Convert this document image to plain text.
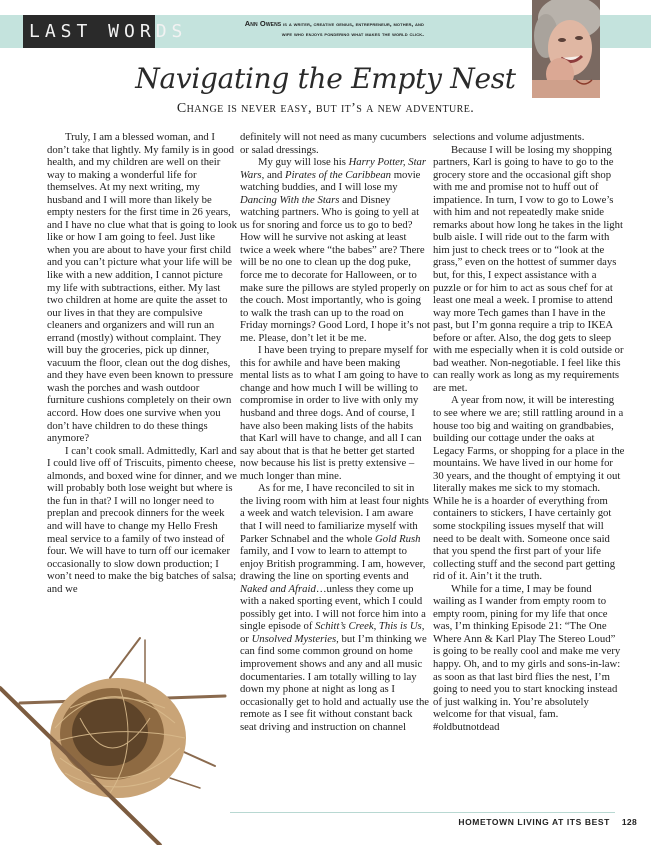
LAST WORDS	Ann Owens is a writer, creative genius, entrepreneur, mother, and
wife who enjoys pondering what makes the world click.
Navigating the Empty Nest
Change is never easy, but it’s a new adventure.

Truly, I am a blessed woman, and I don’t take that lightly. My family is in good health, and my children are well on their way to making a wonderful life for themselves. At my next writing, my husband and I will more than likely be empty nesters for the first time in 26 years, and I have no clue what that is going to look like or how I am going to feel. Just like when you are about to have your first child and you can’t picture what your life will be like with a new addition, I cannot picture my life with subtractions, either. My last two children at home are quite the asset to our lives in that they are compulsive cleaners and organizers and will run an errand (mostly) without complaint. They will buy the groceries, pick up dinner, vacuum the floor, clean out the dog dishes, and they have even been known to pressure wash the porches and wash outdoor furniture cushions completely on their own accord. How does one survive when you don’t have children to do these things anymore?

I can’t cook small. Admittedly, Karl and I could live off of Triscuits, pimento cheese, almonds, and boxed wine for dinner, and we will probably both lose weight but where is the fun in that? I will no longer need to preplan and precook dinners for the week and will have to change my Hello Fresh meal service to a family of two instead of four. We will have to turn off our icemaker occasionally to slow down production; I won’t need to make the big batches of salsa; and we

definitely will not need as many cucumbers or salad dressings.

My guy will lose his Harry Potter, Star Wars, and Pirates of the Caribbean movie watching buddies, and I will lose my Dancing With the Stars and Disney watching partners. Who is going to yell at us for snoring and force us to go to bed? How will he survive not asking at least twice a week where “the babes” are? There will be no one to clean up the dog puke, force me to decorate for Halloween, or to make sure the pillows are styled properly on the couch. Most importantly, who is going to walk the trash can up to the road on Friday mornings? Good Lord, I hope it’s not me. Please, don’t let it be me.

I have been trying to prepare myself for this for awhile and have been making mental lists as to what I am going to have to change and how much I will be willing to compromise in order to live with only my husband and three dogs. And of course, I have also been making lists of the habits that Karl will have to change, and all I can say about that is that he better get started now because his list is pretty extensive – much longer than mine.

As for me, I have reconciled to sit in the living room with him at least four nights a week and watch television. I am aware that I will need to familiarize myself with Parker Schnabel and the whole Gold Rush family, and I vow to learn to attempt to enjoy British programming. I am, however, drawing the line on sporting events and Naked and Afraid…unless they come up with a naked sporting event, which I could possibly get into. I will not force him into a single episode of Schitt’s Creek, This is Us, or Unsolved Mysteries, but I’m thinking we can find some common ground on home improvement shows and any and all music documentaries. I am totally willing to lay down my phone at night as long as I occasionally get to hold and actually use the remote as I see fit without constant back seat driving and instruction on channel

selections and volume adjustments.

Because I will be losing my shopping partners, Karl is going to have to go to the grocery store and the occasional gift shop with me and promise not to huff out of impatience. In turn, I vow to go to Lowe’s with him and not repeatedly make snide remarks about how long he takes in the light bulb aisle. I will ride out to the farm with him just to check trees or to “look at the grass,” even on the hottest of summer days but, for this, I expect assistance with a puzzle or for him to act as sous chef for at least one meal a week. I promise to attend way more Tech games than I have in the past, but I’m gonna require a trip to IKEA before or after. Also, the dog gets to sleep with me especially when it is cold outside or bad weather. Non-negotiable. I feel like this can really work as long as my requirements are met.

A year from now, it will be interesting to see where we are; still rattling around in a house too big and waiting on grandbabies, building our cottage under the oaks at Legacy Farms, or shopping for a place in the mountains. We have lived in our home for 30 years, and the thought of emptying it out literally makes me sick to my stomach. While he is a hoarder of everything from containers to stickers, I have certainly got some stockpiling issues myself that will need to be dealt with. Someone once said that you spend the first part of your life collecting stuff and the second part getting rid of it. Ain’t it the truth.

While for a time, I may be found wailing as I wander from empty room to empty room, pining for my life that once was, I’m thinking Episode 21: “The One Where Ann & Karl Play The Stereo Loud” is going to be really cool and make me very happy. Oh, and to my girls and sons-in-law: as soon as that last bird flies the nest, I’m going to need you to start knocking instead of just walking in. You’re absolutely welcome for that visual, fam. #oldbutnotdead

HOMETOWN LIVING AT ITS BEST 128
